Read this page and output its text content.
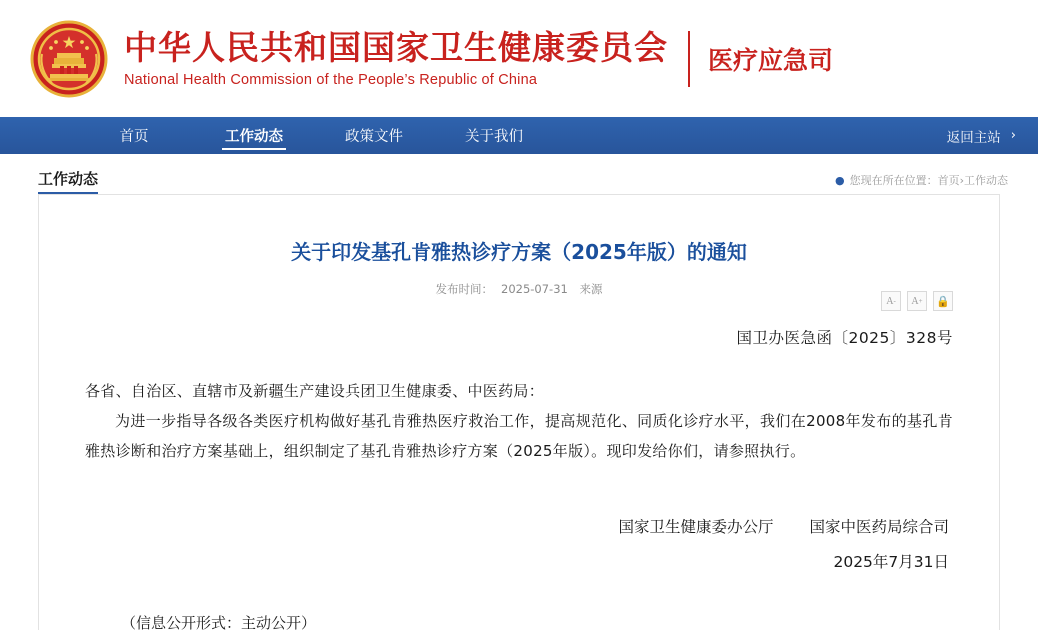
中华人民共和国国家卫生健康委员会
National Health Commission of the People’s Republic of China
医疗应急司
首页	工作动态	政策文件	关于我们	返回主站 ›
工作动态	● 您现在所在位置： 首页 › 工作动态
关于印发基孔肯雅热诊疗方案（2025年版）的通知
发布时间： 2025-07-31 来源
A - A + 🔒
国卫办医急函〔2025〕328号

各省、自治区、直辖市及新疆生产建设兵团卫生健康委、中医药局：

为进一步指导各级各类医疗机构做好基孔肯雅热医疗救治工作，提高规范化、同质化诊疗水平，我们在2008年发布的基孔肯雅热诊断和治疗方案基础上，组织制定了基孔肯雅热诊疗方案（2025年版）。现印发给你们，请参照执行。

国家卫生健康委办公厅 国家中医药局综合司
2025年7月31日
（信息公开形式：主动公开）
